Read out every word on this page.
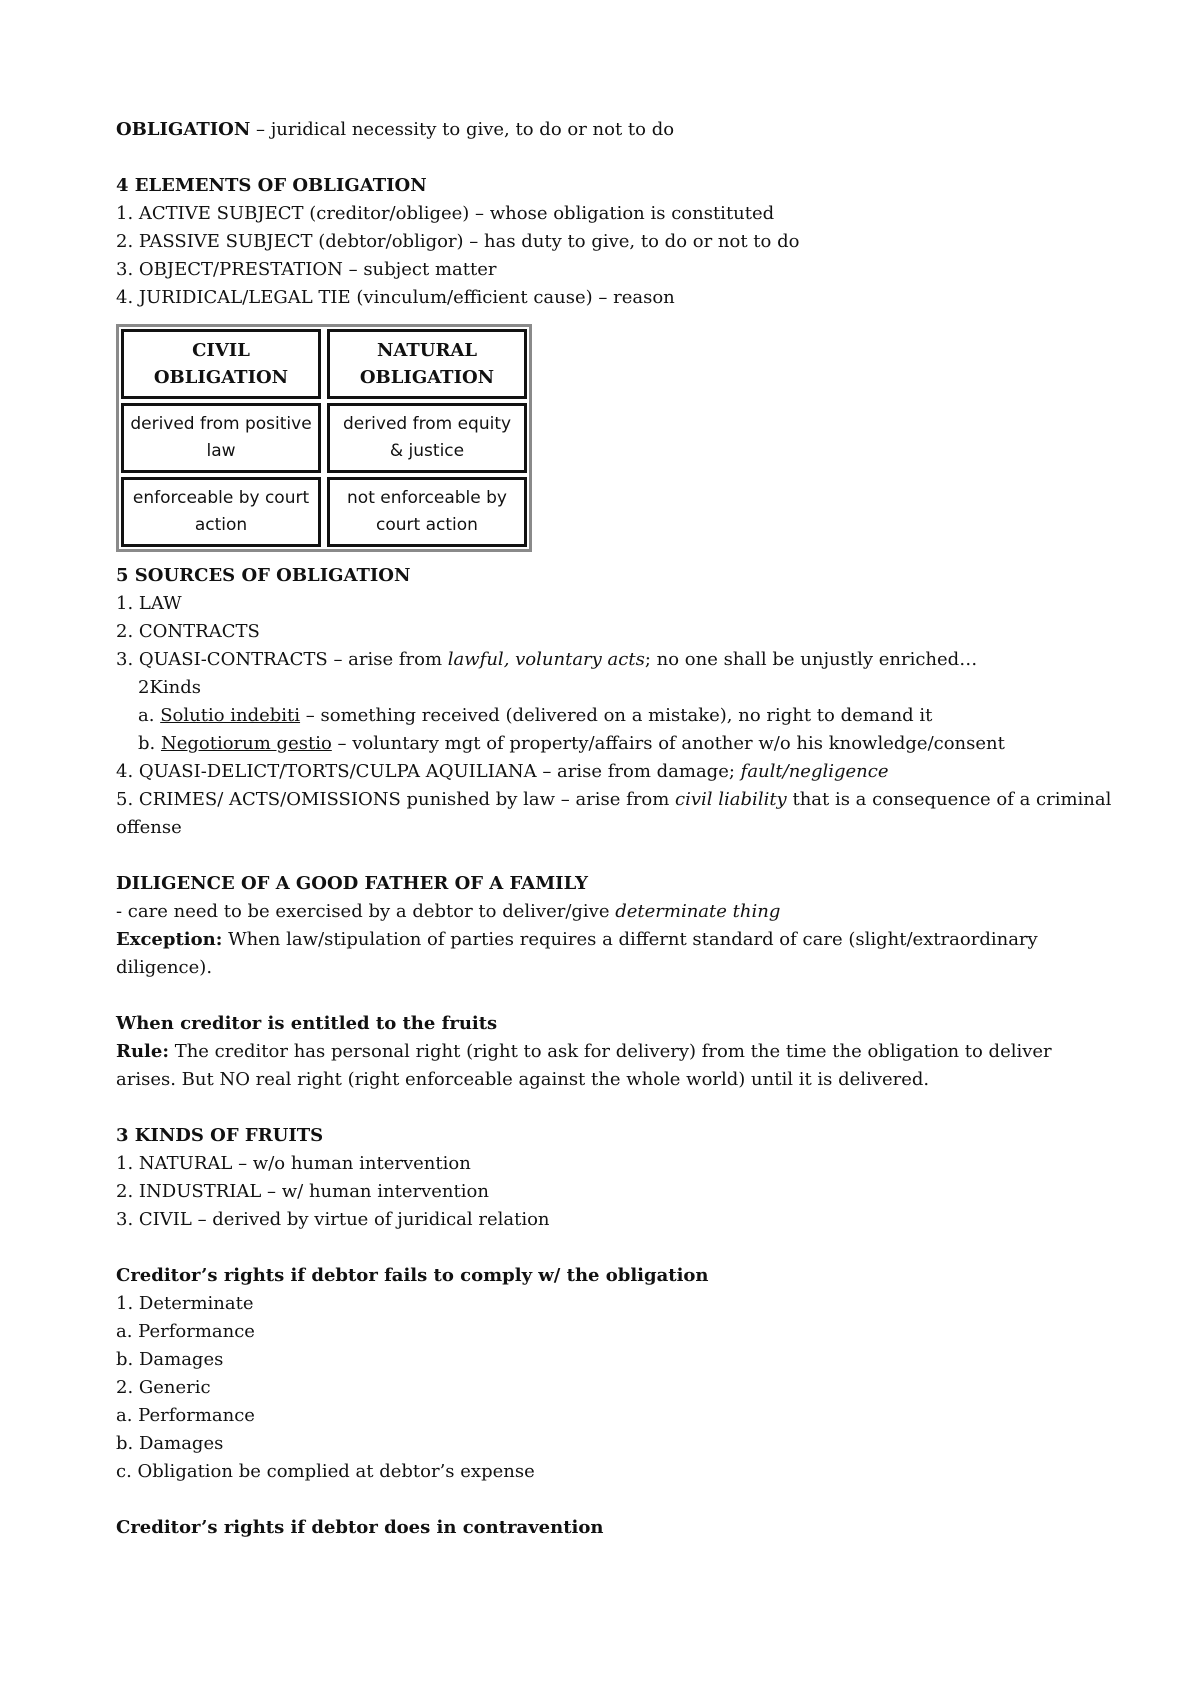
OBLIGATION – juridical necessity to give, to do or not to do
4 ELEMENTS OF OBLIGATION
1. ACTIVE SUBJECT (creditor/obligee) – whose obligation is constituted
2. PASSIVE SUBJECT (debtor/obligor) – has duty to give, to do or not to do
3. OBJECT/PRESTATION – subject matter
4. JURIDICAL/LEGAL TIE (vinculum/efficient cause) – reason
CIVIL OBLIGATION
NATURAL OBLIGATION
derived from positive law
derived from equity & justice
enforceable by court action
not enforceable by court action
5 SOURCES OF OBLIGATION
1. LAW
2. CONTRACTS
3. QUASI-CONTRACTS – arise from lawful, voluntary acts; no one shall be unjustly enriched…
2Kinds
a. Solutio indebiti – something received (delivered on a mistake), no right to demand it
b. Negotiorum gestio – voluntary mgt of property/affairs of another w/o his knowledge/consent
4. QUASI-DELICT/TORTS/CULPA AQUILIANA – arise from damage; fault/negligence
5. CRIMES/ ACTS/OMISSIONS punished by law – arise from civil liability that is a consequence of a criminal offense
DILIGENCE OF A GOOD FATHER OF A FAMILY
- care need to be exercised by a debtor to deliver/give determinate thing
Exception: When law/stipulation of parties requires a differnt standard of care (slight/extraordinary diligence).
When creditor is entitled to the fruits
Rule: The creditor has personal right (right to ask for delivery) from the time the obligation to deliver arises. But NO real right (right enforceable against the whole world) until it is delivered.
3 KINDS OF FRUITS
1. NATURAL – w/o human intervention
2. INDUSTRIAL – w/ human intervention
3. CIVIL – derived by virtue of juridical relation
Creditor’s rights if debtor fails to comply w/ the obligation
1. Determinate
a. Performance
b. Damages
2. Generic
a. Performance
b. Damages
c. Obligation be complied at debtor’s expense
Creditor’s rights if debtor does in contravention
